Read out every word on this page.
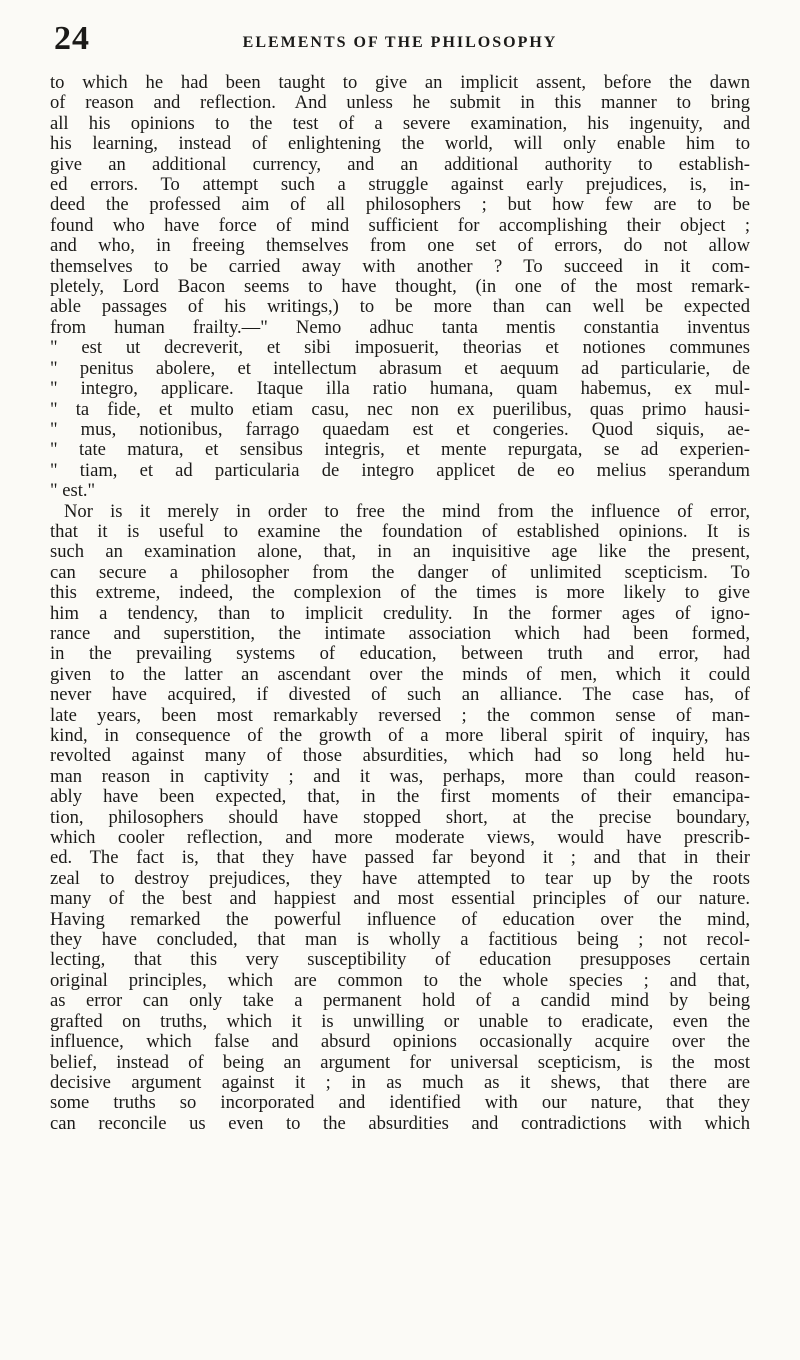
24	ELEMENTS OF THE PHILOSOPHY
to which he had been taught to give an implicit assent, before the dawn
of reason and reflection. And unless he submit in this manner to bring
all his opinions to the test of a severe examination, his ingenuity, and
his learning, instead of enlightening the world, will only enable him to
give an additional currency, and an additional authority to establish-
ed errors. To attempt such a struggle against early prejudices, is, in-
deed the professed aim of all philosophers ; but how few are to be
found who have force of mind sufficient for accomplishing their object ;
and who, in freeing themselves from one set of errors, do not allow
themselves to be carried away with another ? To succeed in it com-
pletely, Lord Bacon seems to have thought, (in one of the most remark-
able passages of his writings,) to be more than can well be expected
from human frailty.—" Nemo adhuc tanta mentis constantia inventus
" est ut decreverit, et sibi imposuerit, theorias et notiones communes
" penitus abolere, et intellectum abrasum et aequum ad particularie, de
" integro, applicare. Itaque illa ratio humana, quam habemus, ex mul-
" ta fide, et multo etiam casu, nec non ex puerilibus, quas primo hausi-
" mus, notionibus, farrago quaedam est et congeries. Quod siquis, ae-
" tate matura, et sensibus integris, et mente repurgata, se ad experien-
" tiam, et ad particularia de integro applicet de eo melius sperandum
" est."
Nor is it merely in order to free the mind from the influence of error,
that it is useful to examine the foundation of established opinions. It is
such an examination alone, that, in an inquisitive age like the present,
can secure a philosopher from the danger of unlimited scepticism. To
this extreme, indeed, the complexion of the times is more likely to give
him a tendency, than to implicit credulity. In the former ages of igno-
rance and superstition, the intimate association which had been formed,
in the prevailing systems of education, between truth and error, had
given to the latter an ascendant over the minds of men, which it could
never have acquired, if divested of such an alliance. The case has, of
late years, been most remarkably reversed ; the common sense of man-
kind, in consequence of the growth of a more liberal spirit of inquiry, has
revolted against many of those absurdities, which had so long held hu-
man reason in captivity ; and it was, perhaps, more than could reason-
ably have been expected, that, in the first moments of their emancipa-
tion, philosophers should have stopped short, at the precise boundary,
which cooler reflection, and more moderate views, would have prescrib-
ed. The fact is, that they have passed far beyond it ; and that in their
zeal to destroy prejudices, they have attempted to tear up by the roots
many of the best and happiest and most essential principles of our nature.
Having remarked the powerful influence of education over the mind,
they have concluded, that man is wholly a factitious being ; not recol-
lecting, that this very susceptibility of education presupposes certain
original principles, which are common to the whole species ; and that,
as error can only take a permanent hold of a candid mind by being
grafted on truths, which it is unwilling or unable to eradicate, even the
influence, which false and absurd opinions occasionally acquire over the
belief, instead of being an argument for universal scepticism, is the most
decisive argument against it ; in as much as it shews, that there are
some truths so incorporated and identified with our nature, that they
can reconcile us even to the absurdities and contradictions with which
